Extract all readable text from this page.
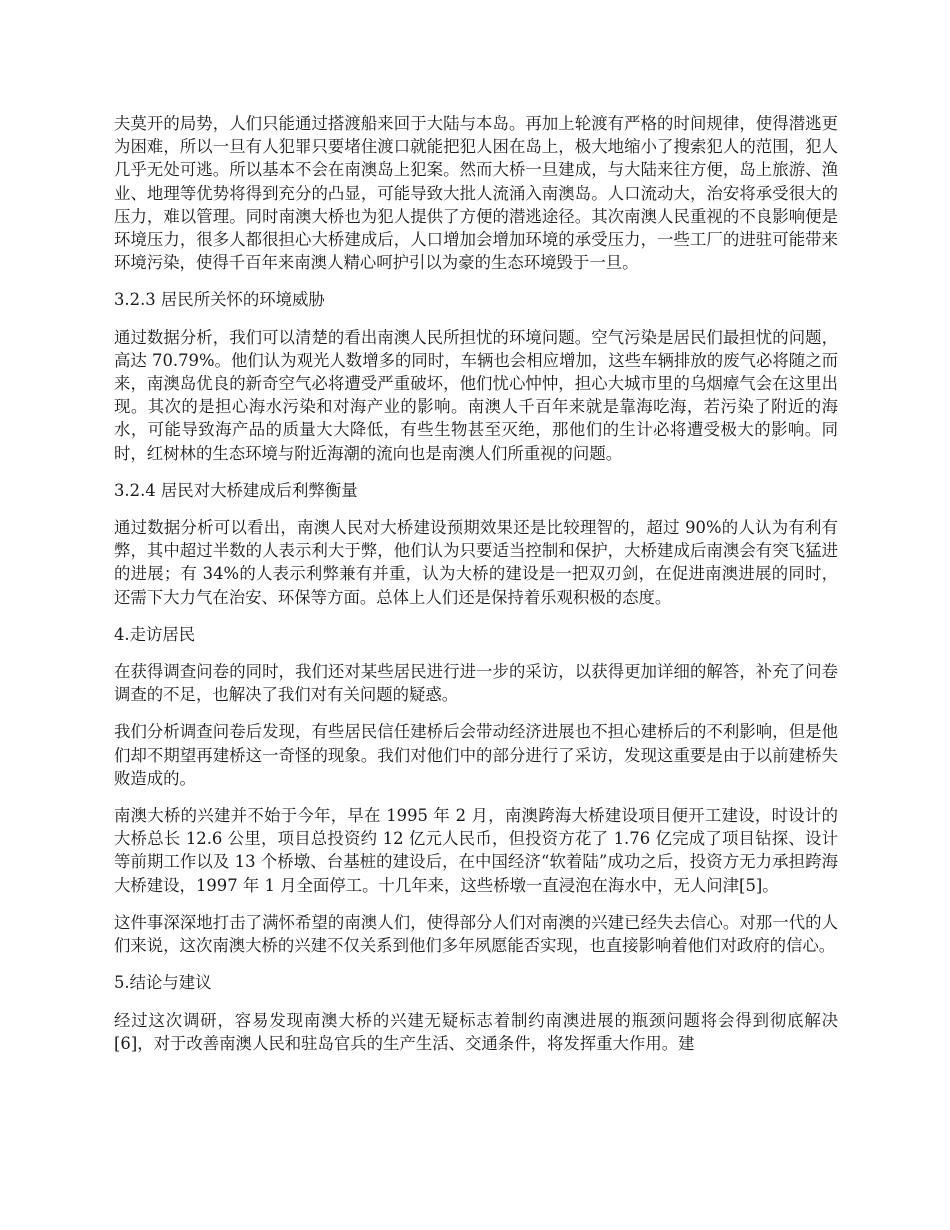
夫莫开的局势，人们只能通过搭渡船来回于大陆与本岛。再加上轮渡有严格的时间规律，使得潜逃更为困难，所以一旦有人犯罪只要堵住渡口就能把犯人困在岛上，极大地缩小了搜索犯人的范围，犯人几乎无处可逃。所以基本不会在南澳岛上犯案。然而大桥一旦建成，与大陆来往方便，岛上旅游、渔业、地理等优势将得到充分的凸显，可能导致大批人流涌入南澳岛。人口流动大，治安将承受很大的压力，难以管理。同时南澳大桥也为犯人提供了方便的潜逃途径。其次南澳人民重视的不良影响便是环境压力，很多人都很担心大桥建成后，人口增加会增加环境的承受压力，一些工厂的进驻可能带来环境污染，使得千百年来南澳人精心呵护引以为豪的生态环境毁于一旦。

3.2.3 居民所关怀的环境威胁

通过数据分析，我们可以清楚的看出南澳人民所担忧的环境问题。空气污染是居民们最担忧的问题，高达 70.79%。他们认为观光人数增多的同时，车辆也会相应增加，这些车辆排放的废气必将随之而来，南澳岛优良的新奇空气必将遭受严重破坏，他们忧心忡忡，担心大城市里的乌烟瘴气会在这里出现。其次的是担心海水污染和对海产业的影响。南澳人千百年来就是靠海吃海，若污染了附近的海水，可能导致海产品的质量大大降低，有些生物甚至灭绝，那他们的生计必将遭受极大的影响。同时，红树林的生态环境与附近海潮的流向也是南澳人们所重视的问题。

3.2.4 居民对大桥建成后利弊衡量

通过数据分析可以看出，南澳人民对大桥建设预期效果还是比较理智的，超过 90%的人认为有利有弊，其中超过半数的人表示利大于弊，他们认为只要适当控制和保护，大桥建成后南澳会有突飞猛进的进展；有 34%的人表示利弊兼有并重，认为大桥的建设是一把双刃剑，在促进南澳进展的同时，还需下大力气在治安、环保等方面。总体上人们还是保持着乐观积极的态度。

4.走访居民

在获得调查问卷的同时，我们还对某些居民进行进一步的采访，以获得更加详细的解答，补充了问卷调查的不足，也解决了我们对有关问题的疑惑。

我们分析调查问卷后发现，有些居民信任建桥后会带动经济进展也不担心建桥后的不利影响，但是他们却不期望再建桥这一奇怪的现象。我们对他们中的部分进行了采访，发现这重要是由于以前建桥失败造成的。

南澳大桥的兴建并不始于今年，早在 1995 年 2 月，南澳跨海大桥建设项目便开工建设，时设计的大桥总长 12.6 公里，项目总投资约 12 亿元人民币，但投资方花了 1.76 亿完成了项目钻探、设计等前期工作以及 13 个桥墩、台基桩的建设后，在中国经济“软着陆”成功之后，投资方无力承担跨海大桥建设，1997 年 1 月全面停工。十几年来，这些桥墩一直浸泡在海水中，无人问津[5]。

这件事深深地打击了满怀希望的南澳人们，使得部分人们对南澳的兴建已经失去信心。对那一代的人们来说，这次南澳大桥的兴建不仅关系到他们多年夙愿能否实现，也直接影响着他们对政府的信心。

5.结论与建议

经过这次调研，容易发现南澳大桥的兴建无疑标志着制约南澳进展的瓶颈问题将会得到彻底解决[6]，对于改善南澳人民和驻岛官兵的生产生活、交通条件，将发挥重大作用。建
